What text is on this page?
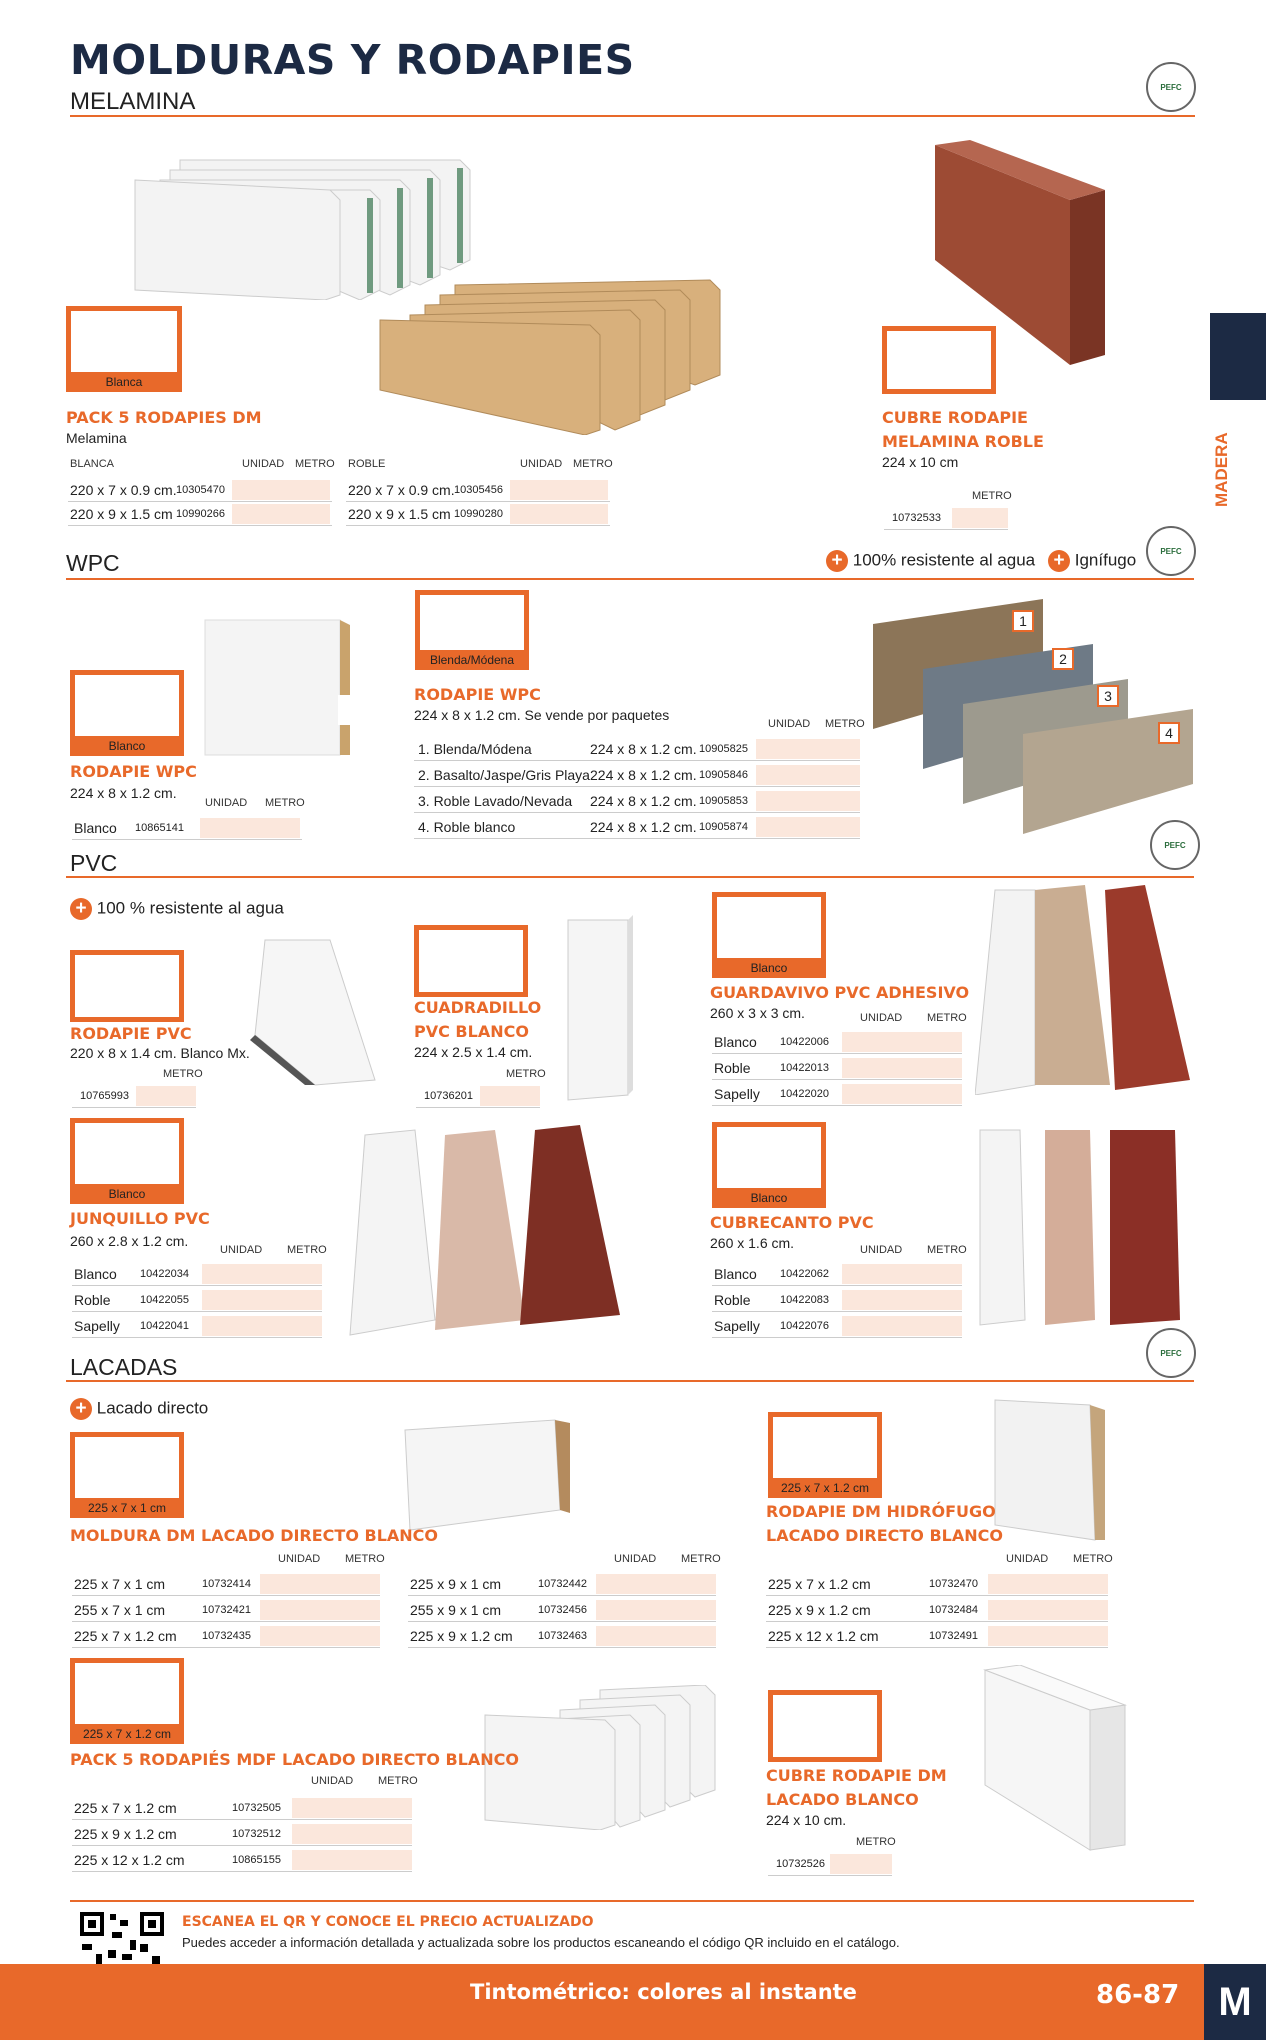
MOLDURAS Y RODAPIES
MELAMINA
PEFC
MADERA
Blanca
PACK 5 RODAPIES DM
Melamina
BLANCA	UNIDAD METRO ROBLE	UNIDAD METRO
220 x 7 x 0.9 cm. 10305470
220 x 9 x 1.5 cm 10990266
220 x 7 x 0.9 cm. 10305456
220 x 9 x 1.5 cm 10990280
CUBRE RODAPIE
MELAMINA ROBLE
224 x 10 cm
METRO
10732533
WPC	+ 100% resistente al agua + Ignífugo	PEFC
Blanco
RODAPIE WPC
224 x 8 x 1.2 cm.
UNIDAD METRO
Blanco 10865141
Blenda/Módena
RODAPIE WPC
224 x 8 x 1.2 cm. Se vende por paquetes
UNIDAD METRO
1. Blenda/Módena	224 x 8 x 1.2 cm. 10905825
2. Basalto/Jaspe/Gris Playa 224 x 8 x 1.2 cm. 10905846
3. Roble Lavado/Nevada 224 x 8 x 1.2 cm. 10905853
4. Roble blanco	224 x 8 x 1.2 cm. 10905874
1
2
3
4
PEFC
PVC
+ 100 % resistente al agua
RODAPIE PVC
220 x 8 x 1.4 cm. Blanco Mx.
METRO
10765993
CUADRADILLO
PVC BLANCO
224 x 2.5 x 1.4 cm.
METRO
10736201
Blanco
GUARDAVIVO PVC ADHESIVO
260 x 3 x 3 cm.	UNIDAD METRO
Blanco 10422006
Roble	10422013
Sapelly 10422020
Blanco
JUNQUILLO PVC
260 x 2.8 x 1.2 cm.
UNIDAD METRO
Blanco 10422034
Roble	10422055
Sapelly 10422041
Blanco
CUBRECANTO PVC
260 x 1.6 cm.	UNIDAD METRO
Blanco 10422062
Roble	10422083
Sapelly 10422076
PEFC
LACADAS
+ Lacado directo
225 x 7 x 1 cm
MOLDURA DM LACADO DIRECTO BLANCO
UNIDAD METRO	UNIDAD METRO
225 x 7 x 1 cm	10732414
255 x 7 x 1 cm	10732421
225 x 7 x 1.2 cm 10732435
225 x 9 x 1 cm	10732442
255 x 9 x 1 cm	10732456
225 x 9 x 1.2 cm 10732463
225 x 7 x 1.2 cm
RODAPIE DM HIDRÓFUGO
LACADO DIRECTO BLANCO
UNIDAD METRO
225 x 7 x 1.2 cm	10732470
225 x 9 x 1.2 cm	10732484
225 x 12 x 1.2 cm	10732491
225 x 7 x 1.2 cm
PACK 5 RODAPIÉS MDF LACADO DIRECTO BLANCO
UNIDAD METRO
225 x 7 x 1.2 cm	10732505
225 x 9 x 1.2 cm	10732512
225 x 12 x 1.2 cm	10865155
CUBRE RODAPIE DM
LACADO BLANCO
224 x 10 cm.
METRO
10732526
ESCANEA EL QR Y CONOCE EL PRECIO ACTUALIZADO
Puedes acceder a información detallada y actualizada sobre los productos escaneando el código QR incluido en el catálogo.
Tintométrico: colores al instante	86-87 M
